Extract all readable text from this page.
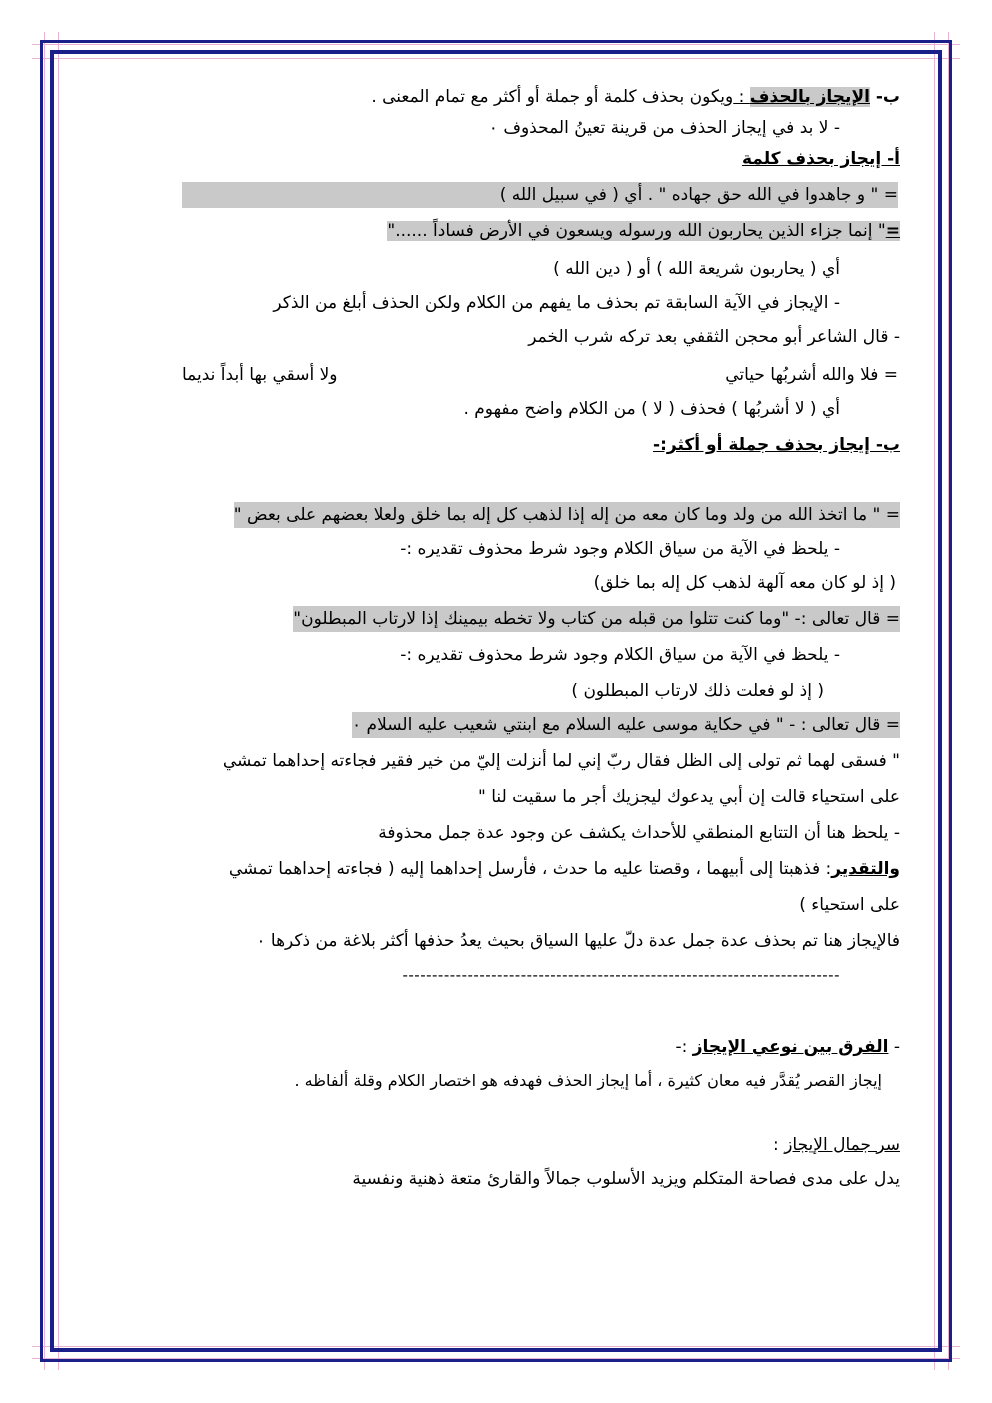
ب- الإيجاز بالحذف : ويكون بحذف كلمة أو جملة أو أكثر مع تمام المعنى .
- لا بد في إيجاز الحذف من قرينة تعينُ المحذوف ٠
أ- إيجاز بحذف كلمة
= " و جاهدوا في الله حق جهاده " . أي ( في سبيل الله )
=" إنما جزاء الذين يحاربون الله ورسوله ويسعون في الأرض فساداً ......"
أي ( يحاربون شريعة الله ) أو ( دين الله )
- الإيجاز في الآية السابقة تم بحذف ما يفهم من الكلام ولكن الحذف أبلغ من الذكر
- قال الشاعر أبو محجن الثقفي بعد تركه شرب الخمر
= فلا والله أشربُها حياتي
ولا أسقي بها أبداً نديما
أي ( لا أشربُها ) فحذف ( لا ) من الكلام واضح مفهوم .
ب- إيجاز بحذف جملة أو أكثر:-
= " ما اتخذ الله من ولد وما كان معه من إله إذا لذهب كل إله بما خلق ولعلا بعضهم على بعض "
- يلحظ في الآية من سياق الكلام وجود شرط محذوف تقديره :-
( إذ لو كان معه آلهة لذهب كل إله بما خلق)
= قال تعالى :- "وما كنت تتلوا من قبله من كتاب ولا تخطه بيمينك إذا لارتاب المبطلون"
- يلحظ في الآية من سياق الكلام وجود شرط محذوف تقديره :-
( إذ لو فعلت ذلك لارتاب المبطلون )
= قال تعالى : - " في حكاية موسى عليه السلام مع ابنتي شعيب عليه السلام ٠
" فسقى لهما ثم تولى إلى الظل فقال ربّ إني لما أنزلت إليّ من خير فقير فجاءته إحداهما تمشي
على استحياء قالت إن أبي يدعوك ليجزيك أجر ما سقيت لنا "
- يلحظ هنا أن التتابع المنطقي للأحداث يكشف عن وجود عدة جمل محذوفة
والتقدير: فذهبتا إلى أبيهما ، وقصتا عليه ما حدث ، فأرسل إحداهما إليه ( فجاءته إحداهما تمشي
على استحياء )
فالإيجاز هنا تم بحذف عدة جمل عدة دلّ عليها السياق بحيث يعدُ حذفها أكثر بلاغة من ذكرها ٠
--------------------------------------------------------------------------
- الفرق بين نوعي الإيجاز :-
إيجاز القصر يُقدَّر فيه معان كثيرة ، أما إيجاز الحذف فهدفه هو اختصار الكلام وقلة ألفاظه .
سر جمال الإيجاز :
يدل على مدى فصاحة المتكلم ويزيد الأسلوب جمالاً والقارئ متعة ذهنية ونفسية
